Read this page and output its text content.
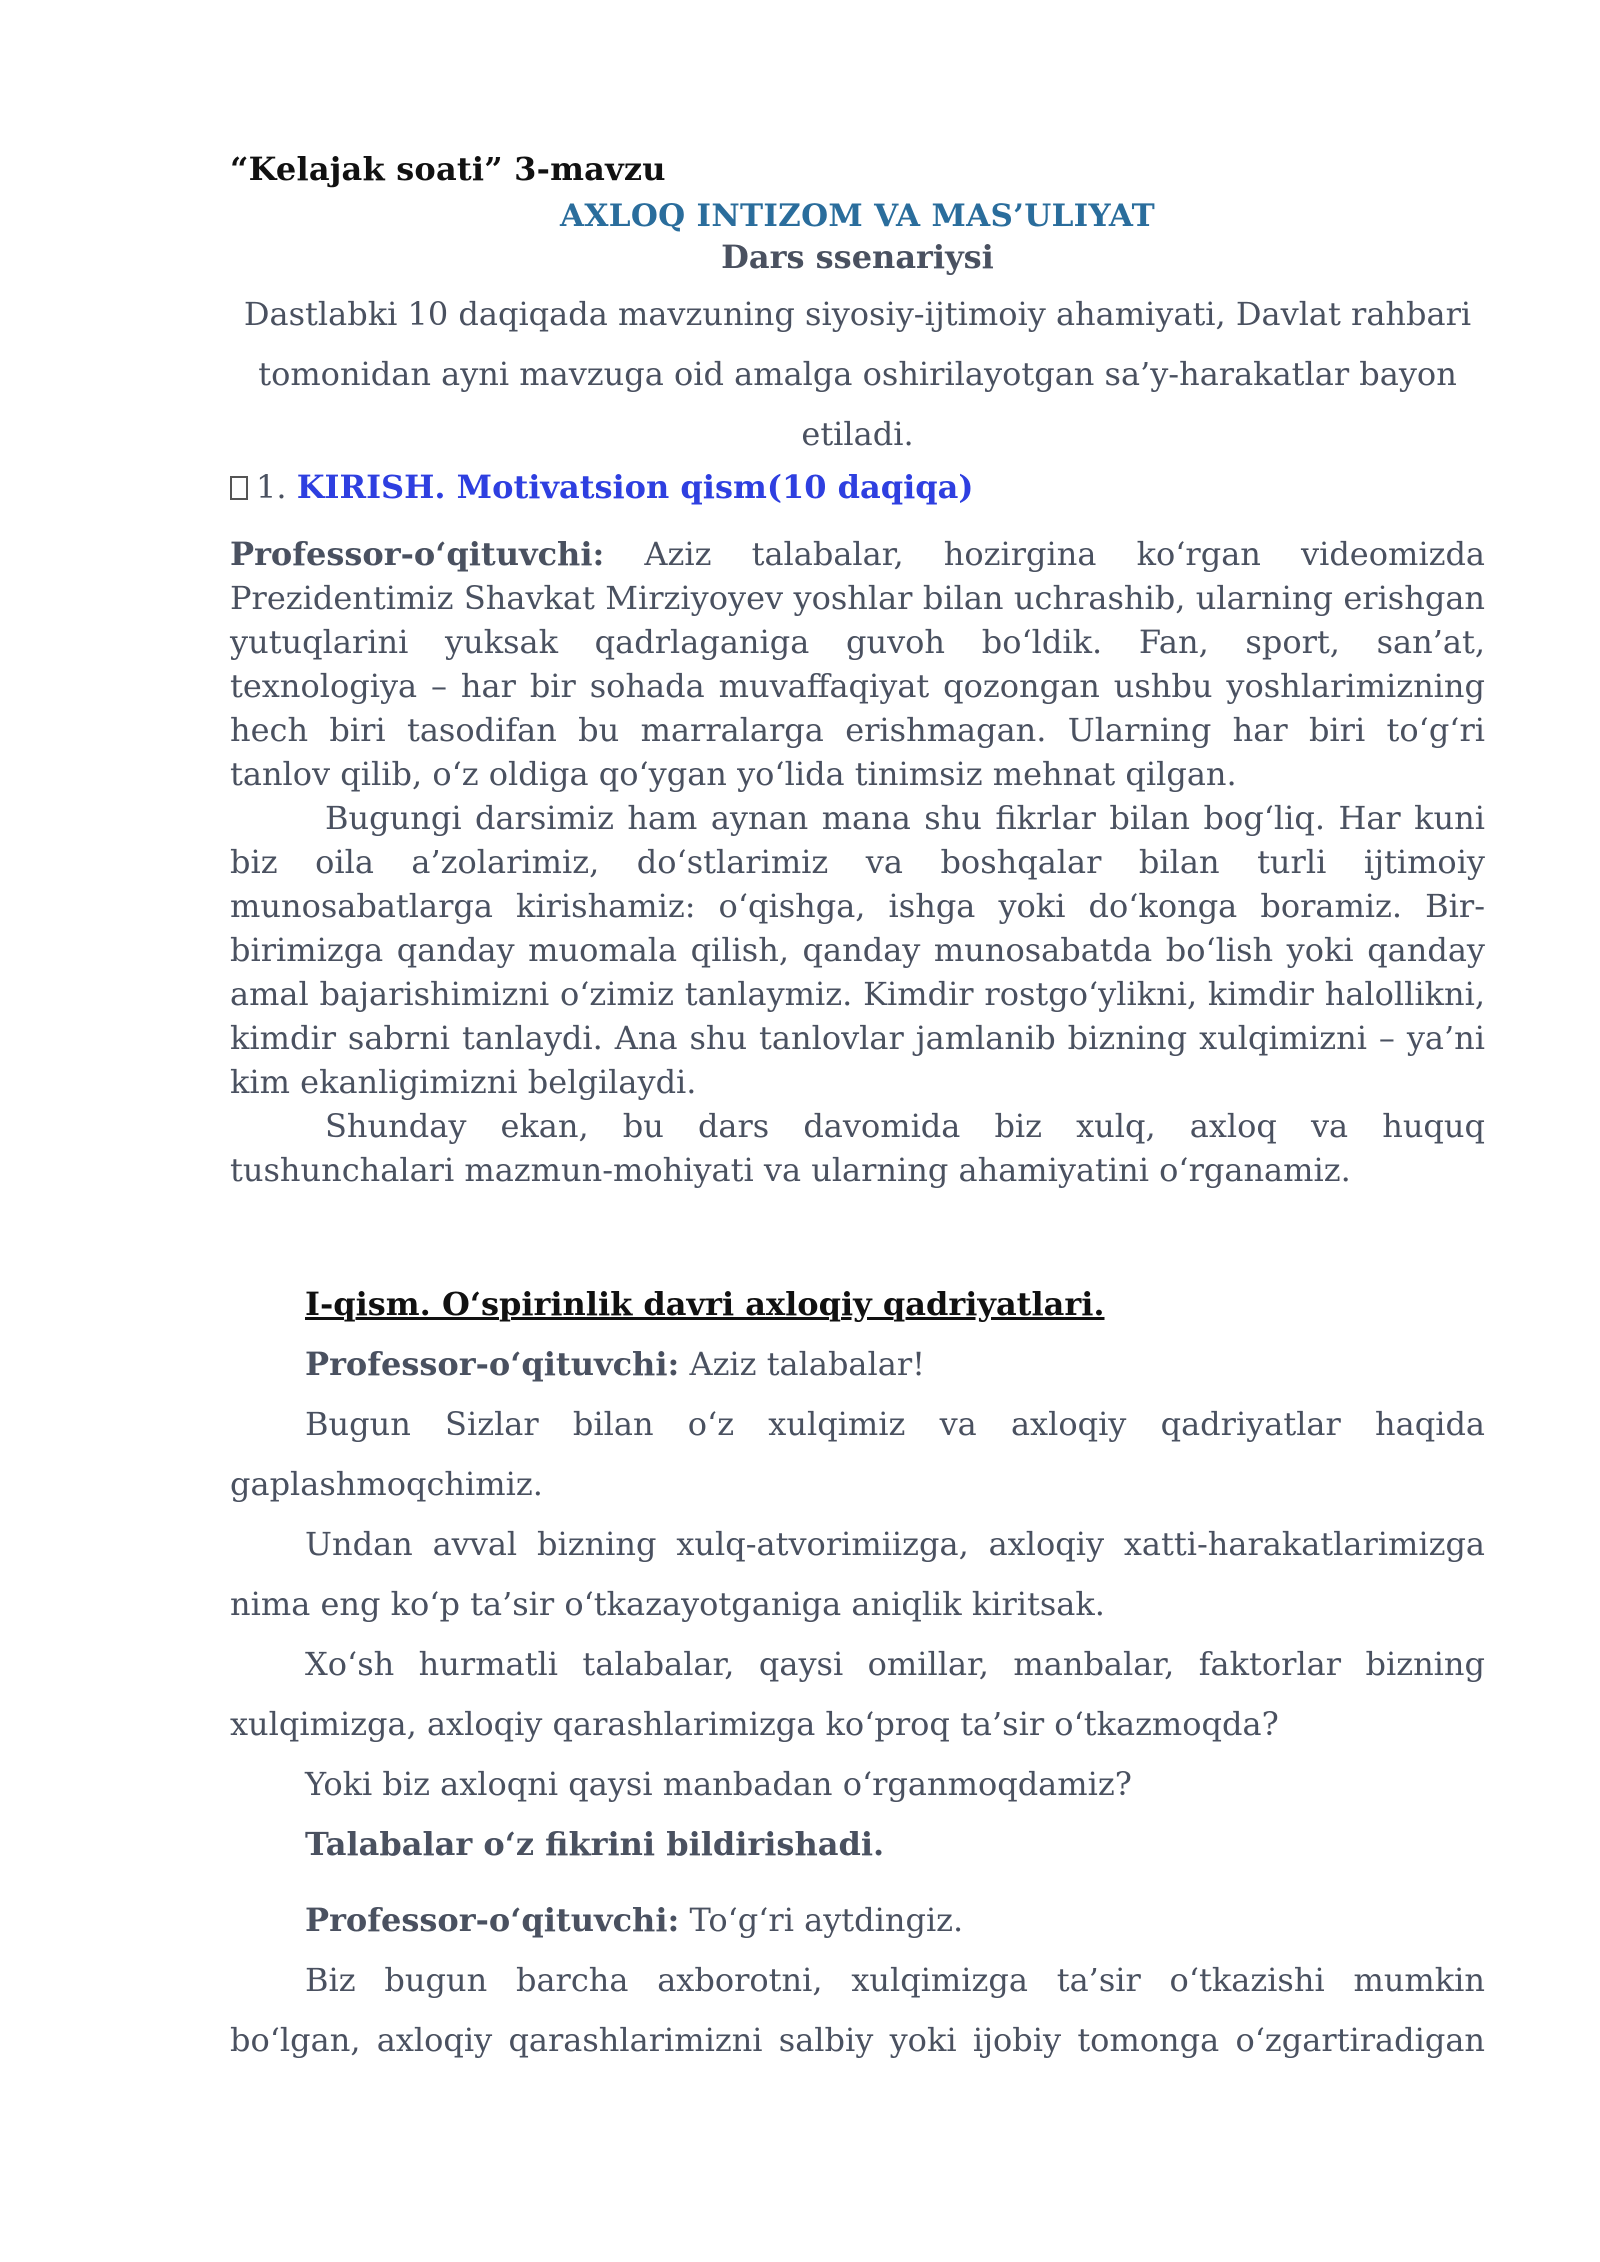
“Kelajak soati” 3-mavzu

AXLOQ INTIZOM VA MAS’ULIYAT

Dars ssenariysi

Dastlabki 10 daqiqada mavzuning siyosiy-ijtimoiy ahamiyati, Davlat rahbari tomonidan ayni mavzuga oid amalga oshirilayotgan sa’y-harakatlar bayon etiladi.

1. KIRISH. Motivatsion qism(10 daqiqa)

Professor-oʻqituvchi: Aziz talabalar, hozirgina koʻrgan videomizda Prezidentimiz Shavkat Mirziyoyev yoshlar bilan uchrashib, ularning erishgan yutuqlarini yuksak qadrlaganiga guvoh boʻldik. Fan, sport, san’at, texnologiya – har bir sohada muvaffaqiyat qozongan ushbu yoshlarimizning hech biri tasodifan bu marralarga erishmagan. Ularning har biri toʻgʻri tanlov qilib, oʻz oldiga qoʻygan yoʻlida tinimsiz mehnat qilgan.

Bugungi darsimiz ham aynan mana shu fikrlar bilan bogʻliq. Har kuni biz oila a’zolarimiz, doʻstlarimiz va boshqalar bilan turli ijtimoiy munosabatlarga kirishamiz: oʻqishga, ishga yoki doʻkonga boramiz. Bir-birimizga qanday muomala qilish, qanday munosabatda boʻlish yoki qanday amal bajarishimizni oʻzimiz tanlaymiz. Kimdir rostgoʻylikni, kimdir halollikni, kimdir sabrni tanlaydi. Ana shu tanlovlar jamlanib bizning xulqimizni – ya’ni kim ekanligimizni belgilaydi.

Shunday ekan, bu dars davomida biz xulq, axloq va huquq tushunchalari mazmun-mohiyati va ularning ahamiyatini oʻrganamiz.

I-qism. Oʻspirinlik davri axloqiy qadriyatlari.

Professor-oʻqituvchi: Aziz talabalar!

Bugun Sizlar bilan oʻz xulqimiz va axloqiy qadriyatlar haqida gaplashmoqchimiz.

Undan avval bizning xulq-atvorimiizga, axloqiy xatti-harakatlarimizga nima eng koʻp ta’sir oʻtkazayotganiga aniqlik kiritsak.

Xoʻsh hurmatli talabalar, qaysi omillar, manbalar, faktorlar bizning xulqimizga, axloqiy qarashlarimizga koʻproq ta’sir oʻtkazmoqda?

Yoki biz axloqni qaysi manbadan oʻrganmoqdamiz?

Talabalar oʻz fikrini bildirishadi.

Professor-oʻqituvchi: Toʻgʻri aytdingiz.

Biz bugun barcha axborotni, xulqimizga ta’sir oʻtkazishi mumkin boʻlgan, axloqiy qarashlarimizni salbiy yoki ijobiy tomonga oʻzgartiradigan
